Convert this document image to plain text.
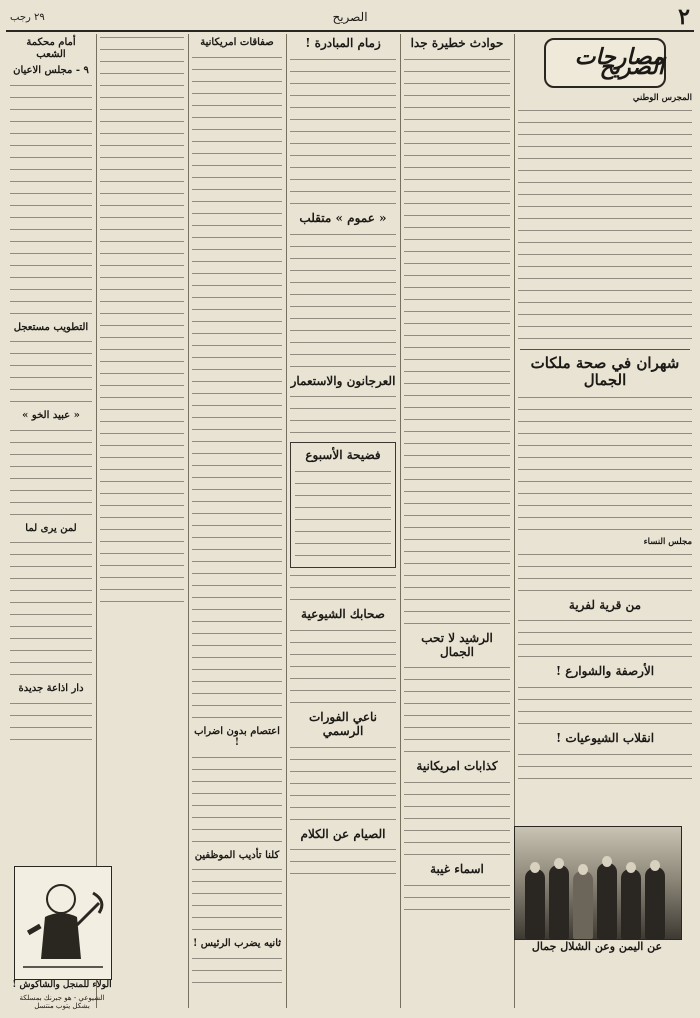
٢
الصريح
٢٩ رجب
مصارحات الصريح
المجرس الوطني
شهران في صحة ملكات الجمال
مجلس النساء
من قرية لفرية
الأرصفة والشوارع !
انقلاب الشيوعيات !
حوادث خطيرة جدا
الرشيد لا تحب الجمال
كذابات امريكانية
اسماء غيبة
زمام المبادرة !
« عموم » متقلب
العرجانون والاستعمار
فضيحة الأسبوع
صحابك الشيوعية
ناعي الفورات الرسمي
الصيام عن الكلام
صفاقات امريكانية
اعتصام بدون اضراب !
كلنا تأديب الموظفين
ثانيه يضرب الرئيس !
أمام محكمة الشعب
٩ - مجلس الاعيان
التطويب مستعجل
« عبيد الخو »
لمن يرى لما
دار اذاعة جديدة
عن اليمن وعن الشلال جمال
الولاء للمنجل والشاكوش !
الشيوعي - هو جبرنك بمسلكة بشكل يتوب منتسل
